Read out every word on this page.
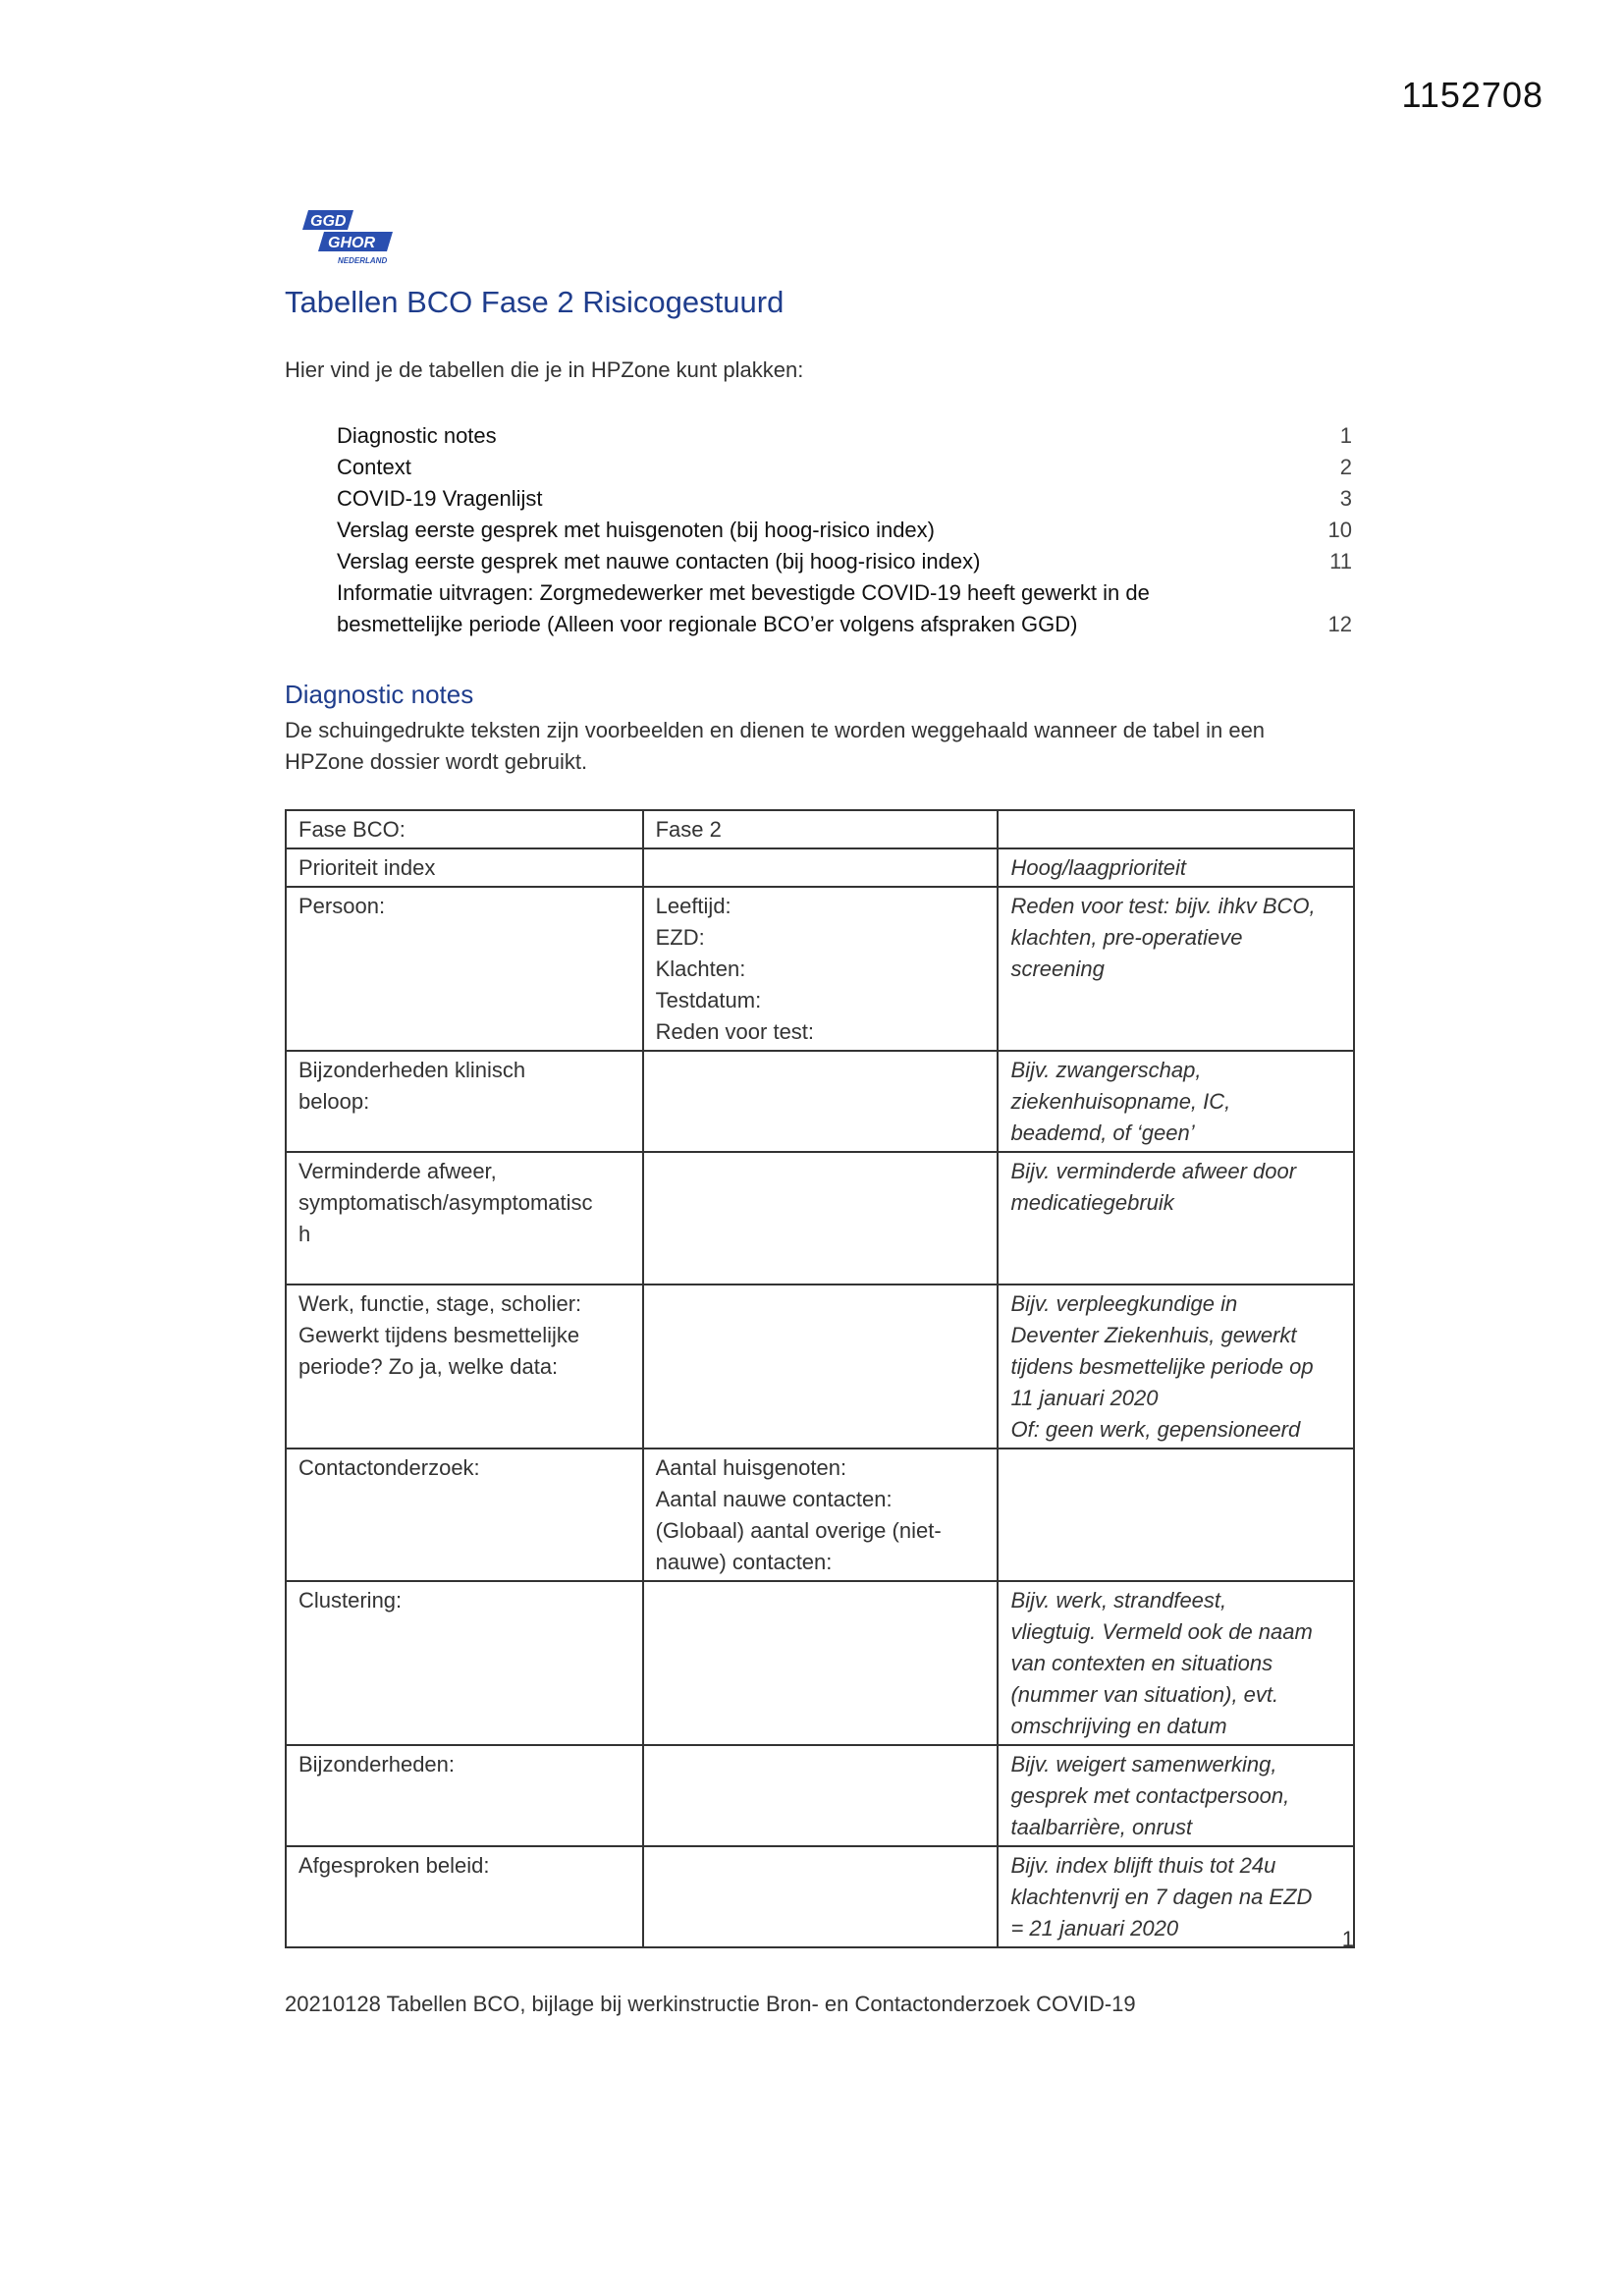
1152708
GGD
GHOR
NEDERLAND
Tabellen BCO Fase 2 Risicogestuurd
Hier vind je de tabellen die je in HPZone kunt plakken:
Diagnostic notes	1
Context	2
COVID-19 Vragenlijst	3
Verslag eerste gesprek met huisgenoten (bij hoog-risico index)	10
Verslag eerste gesprek met nauwe contacten (bij hoog-risico index)	11
Informatie uitvragen: Zorgmedewerker met bevestigde COVID-19 heeft gewerkt in de besmettelijke periode (Alleen voor regionale BCO’er volgens afspraken GGD)	12
Diagnostic notes
De schuingedrukte teksten zijn voorbeelden en dienen te worden weggehaald wanneer de tabel in een HPZone dossier wordt gebruikt.
Fase BCO:	Fase 2

Prioriteit index		Hoog/laagprioriteit

Persoon:	Leeftijd:
EZD:
Klachten:
Testdatum:
Reden voor test:	Reden voor test: bijv. ihkv BCO,
klachten, pre-operatieve
screening

Bijzonderheden klinisch
beloop:		Bijv. zwangerschap,
ziekenhuisopname, IC,
beademd, of ‘geen’

Verminderde afweer,
symptomatisch/asymptomatisc
h		Bijv. verminderde afweer door
medicatiegebruik

Werk, functie, stage, scholier:
Gewerkt tijdens besmettelijke
periode? Zo ja, welke data:		Bijv. verpleegkundige in
Deventer Ziekenhuis, gewerkt
tijdens besmettelijke periode op
11 januari 2020
Of: geen werk, gepensioneerd

Contactonderzoek:	Aantal huisgenoten:
Aantal nauwe contacten:
(Globaal) aantal overige (niet-
nauwe) contacten:

Clustering:		Bijv. werk, strandfeest,
vliegtuig. Vermeld ook de naam
van contexten en situations
(nummer van situation), evt.
omschrijving en datum

Bijzonderheden:		Bijv. weigert samenwerking,
gesprek met contactpersoon,
taalbarrière, onrust

Afgesproken beleid:		Bijv. index blijft thuis tot 24u
klachtenvrij en 7 dagen na EZD
= 21 januari 2020	1
20210128 Tabellen BCO, bijlage bij werkinstructie Bron- en Contactonderzoek COVID-19
